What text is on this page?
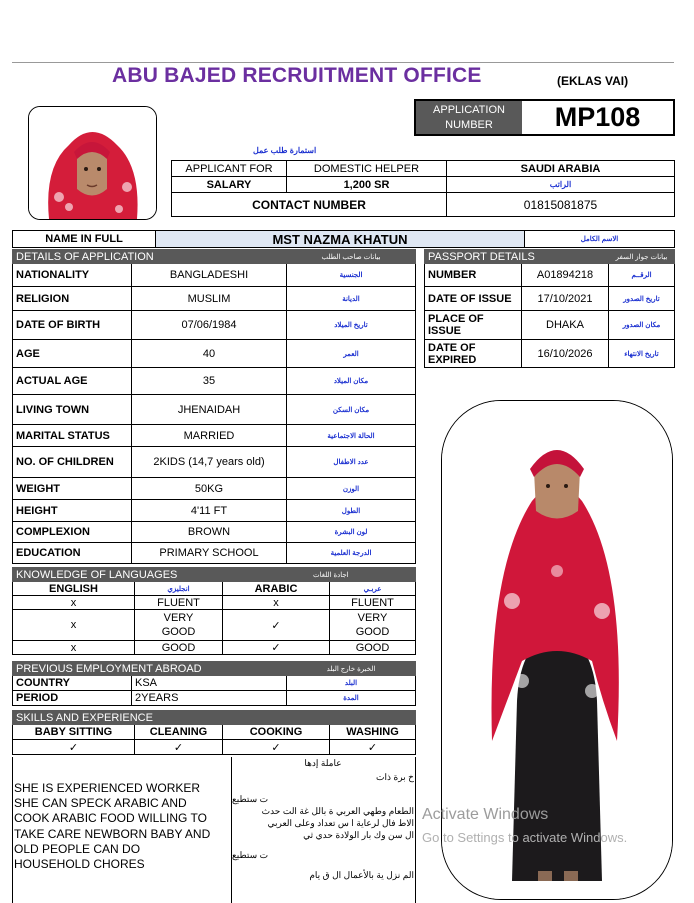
ABU BAJED RECRUITMENT OFFICE	(EKLAS VAI)
APPLICATION
NUMBER	MP108
استمارة طلب عمل
APPLICANT FOR	DOMESTIC HELPER	SAUDI ARABIA
SALARY	1,200 SR	الراتب
CONTACT NUMBER		01815081875
NAME IN FULL	MST NAZMA KHATUN	الاسم الكامل
DETAILS OF APPLICATION		بيانات صاحب الطلب
NATIONALITY	BANGLADESHI	الجنسية
RELIGION	MUSLIM	الديانة
DATE OF BIRTH	07/06/1984	تاريخ الميلاد
AGE	40	العمر
ACTUAL AGE	35	مكان الميلاد
LIVING TOWN	JHENAIDAH	مكان السكن
MARITAL STATUS	MARRIED	الحالة الاجتماعية
NO. OF CHILDREN	2KIDS (14,7 years old)	عدد الاطفال
WEIGHT	50KG	الوزن
HEIGHT	4'11 FT	الطول
COMPLEXION	BROWN	لون البشرة
EDUCATION	PRIMARY SCHOOL	الدرجة العلمية
PASSPORT DETAILS		بيانات جواز السفر
NUMBER	A01894218	الرقــم
DATE OF ISSUE	17/10/2021	تاريخ الصدور
PLACE OF ISSUE	DHAKA	مكان الصدور
DATE OF EXPIRED	16/10/2026	تاريخ الانتهاء
KNOWLEDGE OF LANGUAGES		اجادة اللغات	
ENGLISH	انجليزي	ARABIC	عربـي
x	FLUENT	x	FLUENT
x	VERY GOOD	✓	VERY GOOD
x	GOOD	✓	GOOD
PREVIOUS EMPLOYMENT ABROAD		الخبرة خارج البلد
COUNTRY	KSA	البلد
PERIOD	2YEARS	المدة
SKILLS AND EXPERIENCE			
BABY SITTING	CLEANING	COOKING	WASHING
✓	✓	✓	✓
SHE IS EXPERIENCED WORKER SHE CAN SPECK ARABIC AND COOK ARABIC FOOD WILLING TO TAKE CARE NEWBORN BABY AND OLD PEOPLE CAN DO HOUSEHOLD CHORES
عاملة إدها
خ برة ذات
ت ستطيع
الطعام وطهي العربي ة بالل غة الت حدث
الاط فال لرعاية ا س تعداد وعلى العربي
ال سن وك بار الولادة حدي ثي
ت ستطيع
الم نزل ية بالأعمال ال ق يام
Activate Windows
Go to Settings to activate Windows.
